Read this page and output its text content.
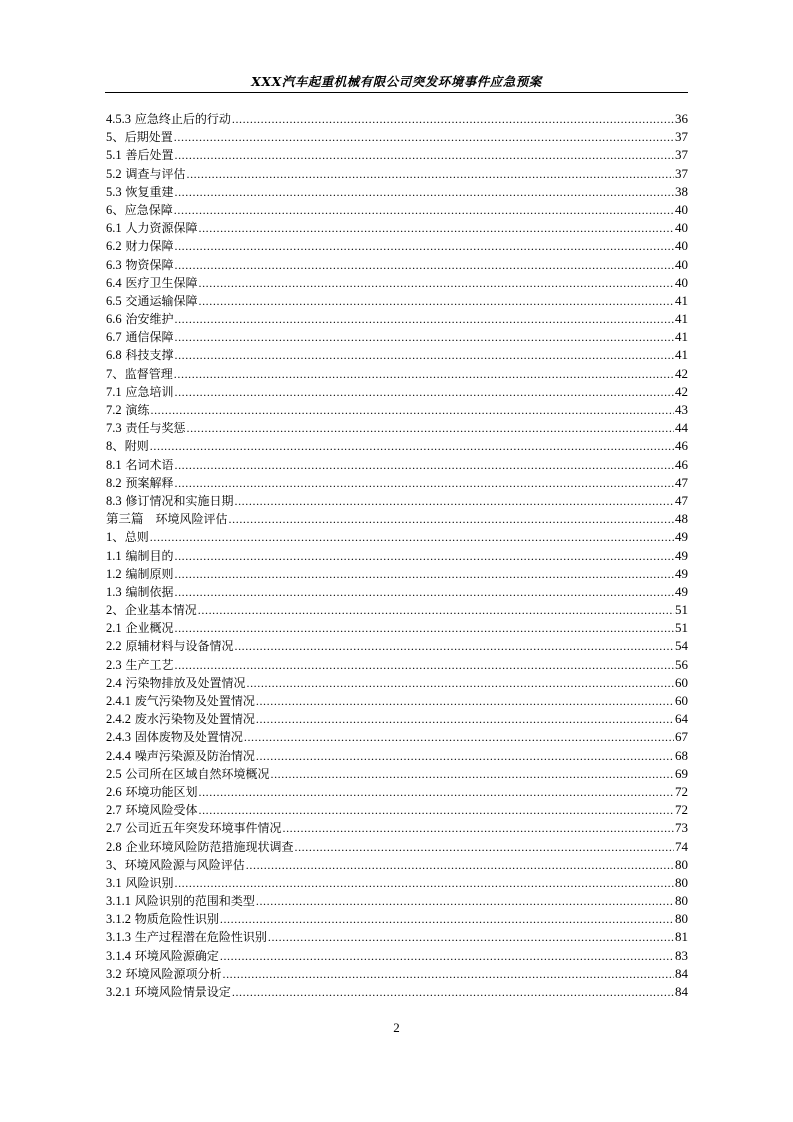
XXX汽车起重机械有限公司突发环境事件应急预案
4.5.3 应急终止后的行动 .....	36
5、后期处置 .....	37
5.1 善后处置 .....	37
5.2 调查与评估 .....	37
5.3 恢复重建 .....	38
6、应急保障 .....	40
6.1 人力资源保障 .....	40
6.2 财力保障 .....	40
6.3 物资保障 .....	40
6.4 医疗卫生保障 .....	40
6.5 交通运输保障 .....	41
6.6 治安维护 .....	41
6.7 通信保障 .....	41
6.8 科技支撑 .....	41
7、监督管理 .....	42
7.1 应急培训 .....	42
7.2 演练 .....	43
7.3 责任与奖惩 .....	44
8、附则 .....	46
8.1 名词术语 .....	46
8.2 预案解释 .....	47
8.3 修订情况和实施日期 .....	47
第三篇　环境风险评估 .....	48
1、总则 .....	49
1.1 编制目的 .....	49
1.2 编制原则 .....	49
1.3 编制依据 .....	49
2、企业基本情况 .....	51
2.1 企业概况 .....	51
2.2 原辅材料与设备情况 .....	54
2.3 生产工艺 .....	56
2.4 污染物排放及处置情况 .....	60
2.4.1 废气污染物及处置情况 .....	60
2.4.2 废水污染物及处置情况 .....	64
2.4.3 固体废物及处置情况 .....	67
2.4.4 噪声污染源及防治情况 .....	68
2.5 公司所在区域自然环境概况 .....	69
2.6 环境功能区划 .....	72
2.7 环境风险受体 .....	72
2.7 公司近五年突发环境事件情况 .....	73
2.8 企业环境风险防范措施现状调查 .....	74
3、环境风险源与风险评估 .....	80
3.1 风险识别 .....	80
3.1.1 风险识别的范围和类型 .....	80
3.1.2 物质危险性识别 .....	80
3.1.3 生产过程潜在危险性识别 .....	81
3.1.4 环境风险源确定 .....	83
3.2 环境风险源项分析 .....	84
3.2.1 环境风险情景设定 .....	84
2
